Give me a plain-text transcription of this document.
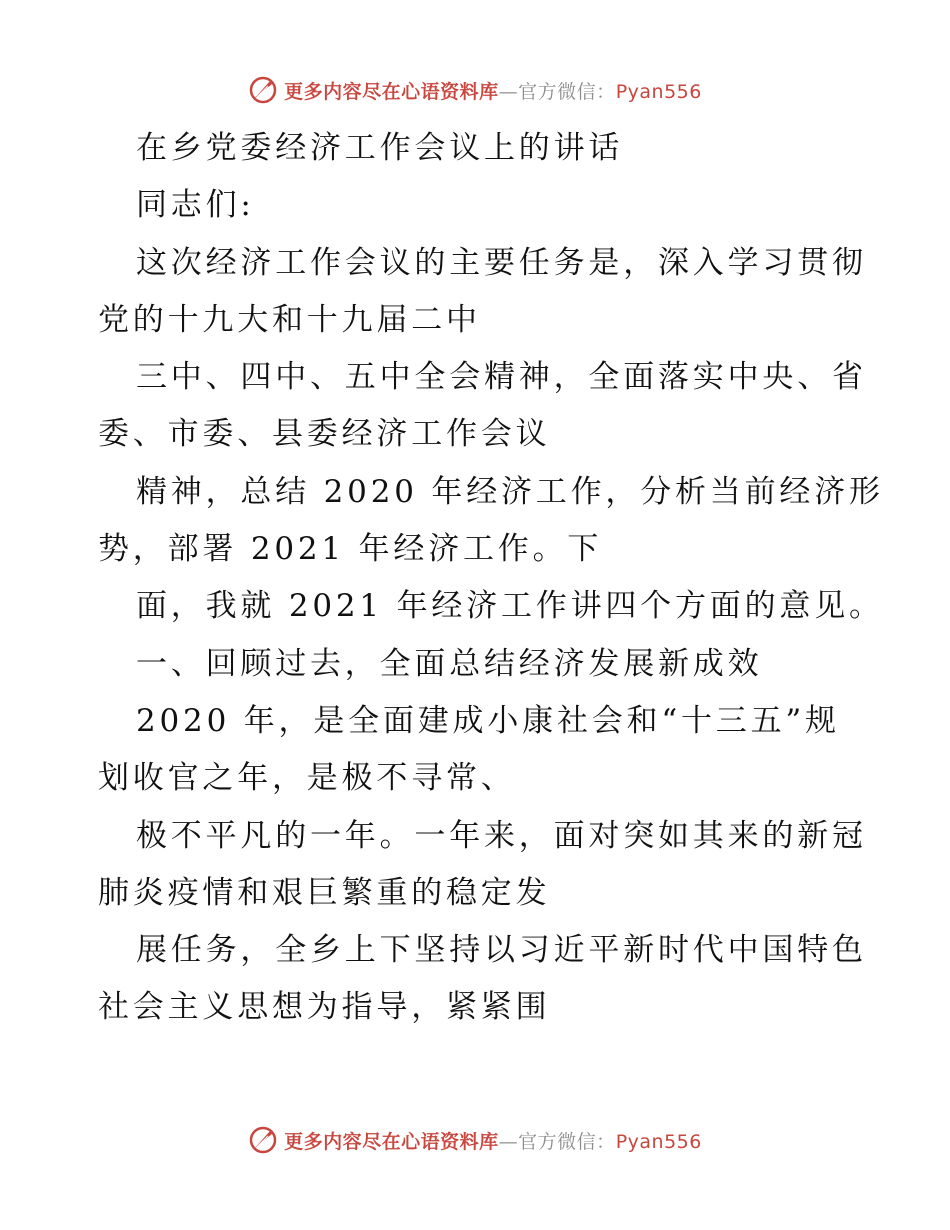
更多内容尽在心语资料库—官方微信：Pyan556
在乡党委经济工作会议上的讲话
同志们:
这次经济工作会议的主要任务是，深入学习贯彻
党的十九大和十九届二中
三中、四中、五中全会精神，全面落实中央、省
委、市委、县委经济工作会议
精神，总结 2020 年经济工作，分析当前经济形
势，部署 2021 年经济工作。下
面，我就 2021 年经济工作讲四个方面的意见。
一、回顾过去，全面总结经济发展新成效
2020 年，是全面建成小康社会和“十三五”规
划收官之年，是极不寻常、
极不平凡的一年。一年来，面对突如其来的新冠
肺炎疫情和艰巨繁重的稳定发
展任务，全乡上下坚持以习近平新时代中国特色
社会主义思想为指导，紧紧围
更多内容尽在心语资料库—官方微信：Pyan556
